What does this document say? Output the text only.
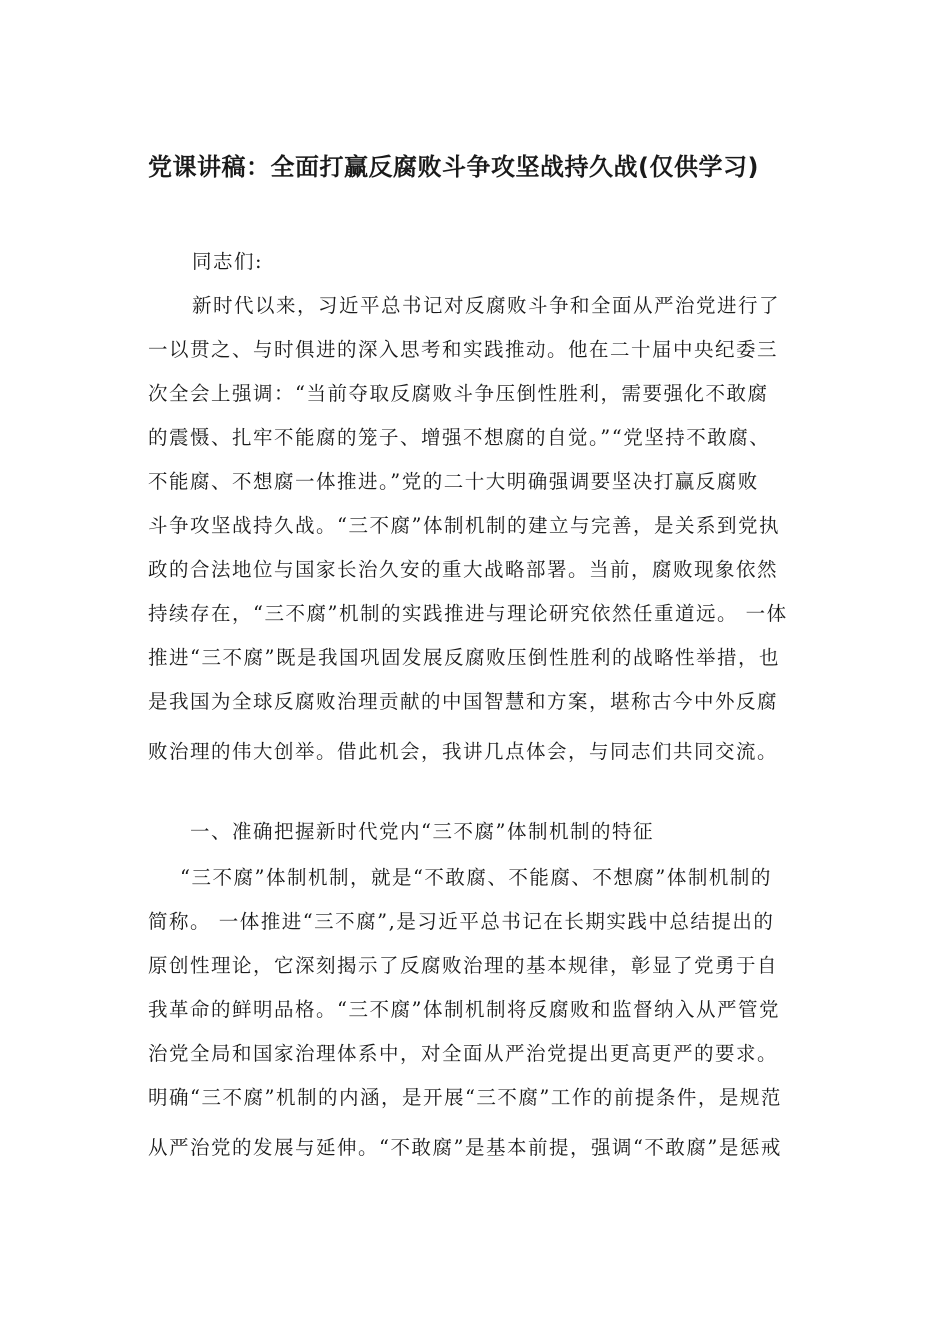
党课讲稿：全面打赢反腐败斗争攻坚战持久战(仅供学习)
同志们:
新时代以来，习近平总书记对反腐败斗争和全面从严治党进行了
一以贯之、与时俱进的深入思考和实践推动。他在二十届中央纪委三
次全会上强调：“当前夺取反腐败斗争压倒性胜利，需要强化不敢腐
的震慑、扎牢不能腐的笼子、增强不想腐的自觉。”“党坚持不敢腐、
不能腐、不想腐一体推进。”党的二十大明确强调要坚决打赢反腐败
斗争攻坚战持久战。“三不腐”体制机制的建立与完善，是关系到党执
政的合法地位与国家长治久安的重大战略部署。当前，腐败现象依然
持续存在，“三不腐”机制的实践推进与理论研究依然任重道远。 一体
推进“三不腐”既是我国巩固发展反腐败压倒性胜利的战略性举措，也
是我国为全球反腐败治理贡献的中国智慧和方案，堪称古今中外反腐
败治理的伟大创举。借此机会，我讲几点体会，与同志们共同交流。
一、准确把握新时代党内“三不腐”体制机制的特征
“三不腐”体制机制，就是“不敢腐、不能腐、不想腐”体制机制的
简称。 一体推进“三不腐”,是习近平总书记在长期实践中总结提出的
原创性理论，它深刻揭示了反腐败治理的基本规律，彰显了党勇于自
我革命的鲜明品格。“三不腐”体制机制将反腐败和监督纳入从严管党
治党全局和国家治理体系中，对全面从严治党提出更高更严的要求。
明确“三不腐”机制的内涵，是开展“三不腐”工作的前提条件，是规范
从严治党的发展与延伸。“不敢腐”是基本前提，强调“不敢腐”是惩戒
